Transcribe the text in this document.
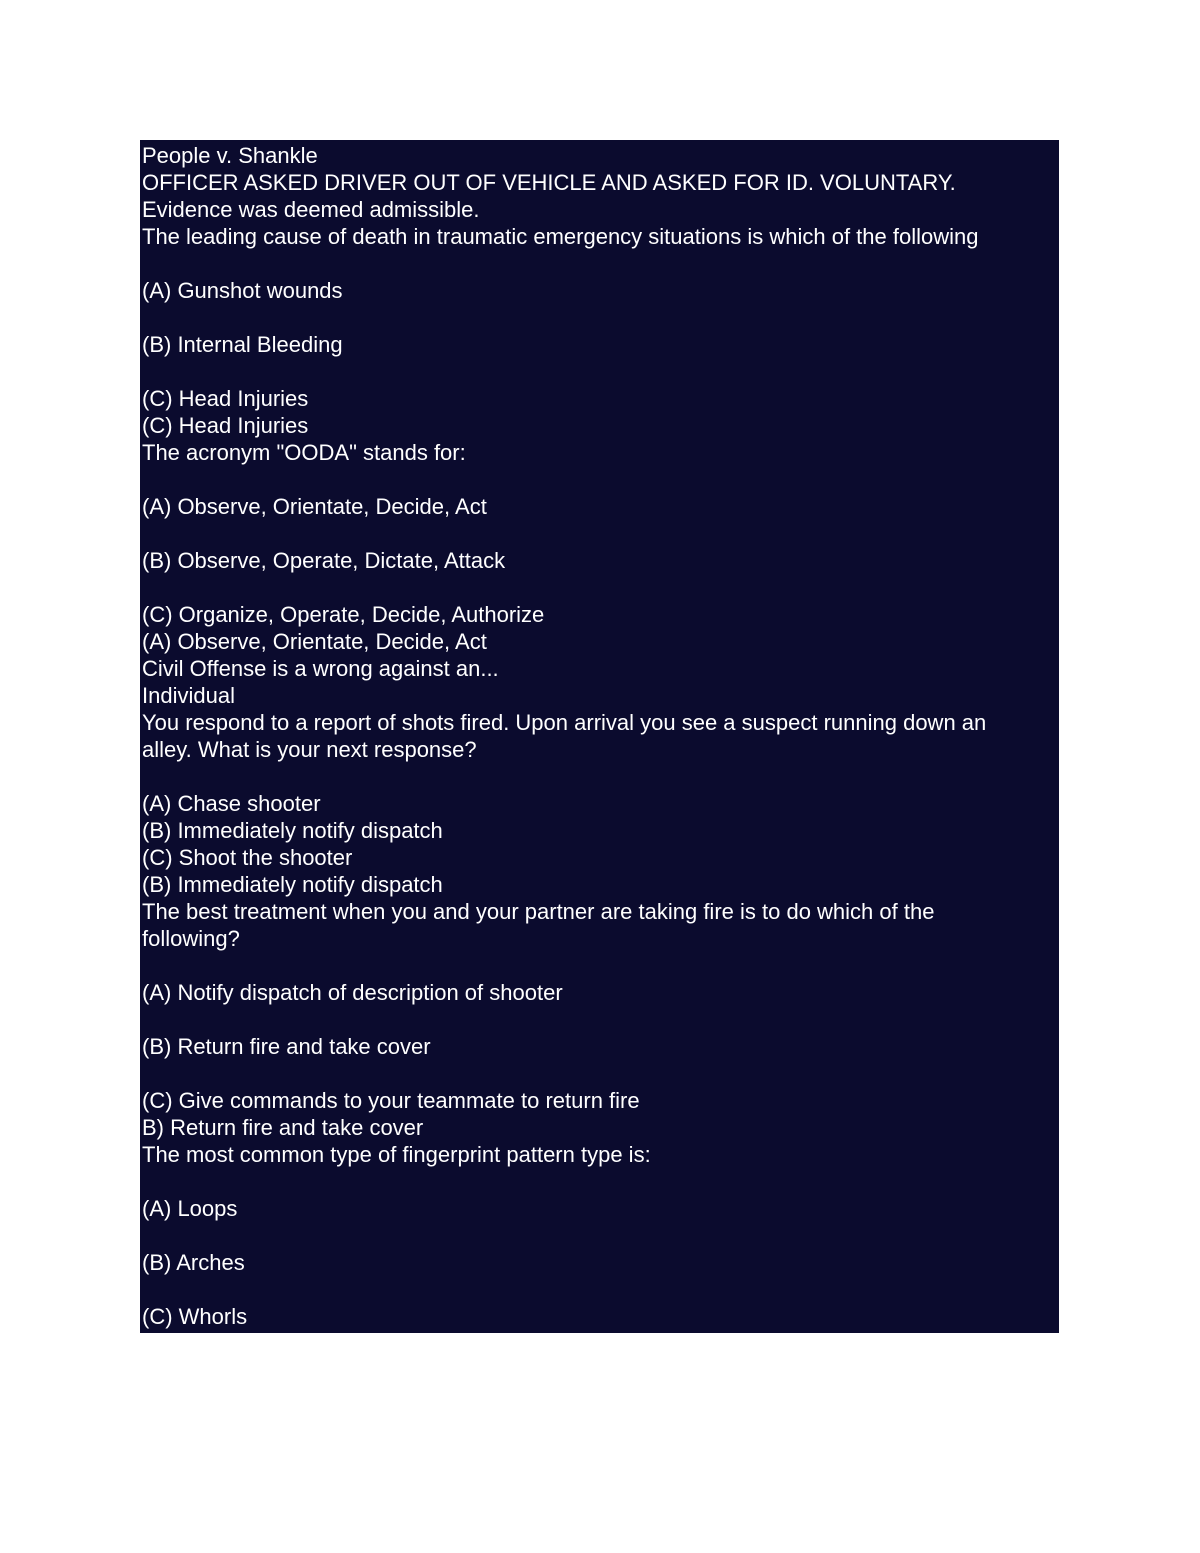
People v. Shankle
OFFICER ASKED DRIVER OUT OF VEHICLE AND ASKED FOR ID. VOLUNTARY.
Evidence was deemed admissible.
The leading cause of death in traumatic emergency situations is which of the following
(A) Gunshot wounds
(B) Internal Bleeding
(C) Head Injuries
(C) Head Injuries
The acronym "OODA" stands for:
(A) Observe, Orientate, Decide, Act
(B) Observe, Operate, Dictate, Attack
(C) Organize, Operate, Decide, Authorize
(A) Observe, Orientate, Decide, Act
Civil Offense is a wrong against an...
Individual
You respond to a report of shots fired. Upon arrival you see a suspect running down an
alley. What is your next response?
(A) Chase shooter
(B) Immediately notify dispatch
(C) Shoot the shooter
(B) Immediately notify dispatch
The best treatment when you and your partner are taking fire is to do which of the
following?
(A) Notify dispatch of description of shooter
(B) Return fire and take cover
(C) Give commands to your teammate to return fire
B) Return fire and take cover
The most common type of fingerprint pattern type is:
(A) Loops
(B) Arches
(C) Whorls
